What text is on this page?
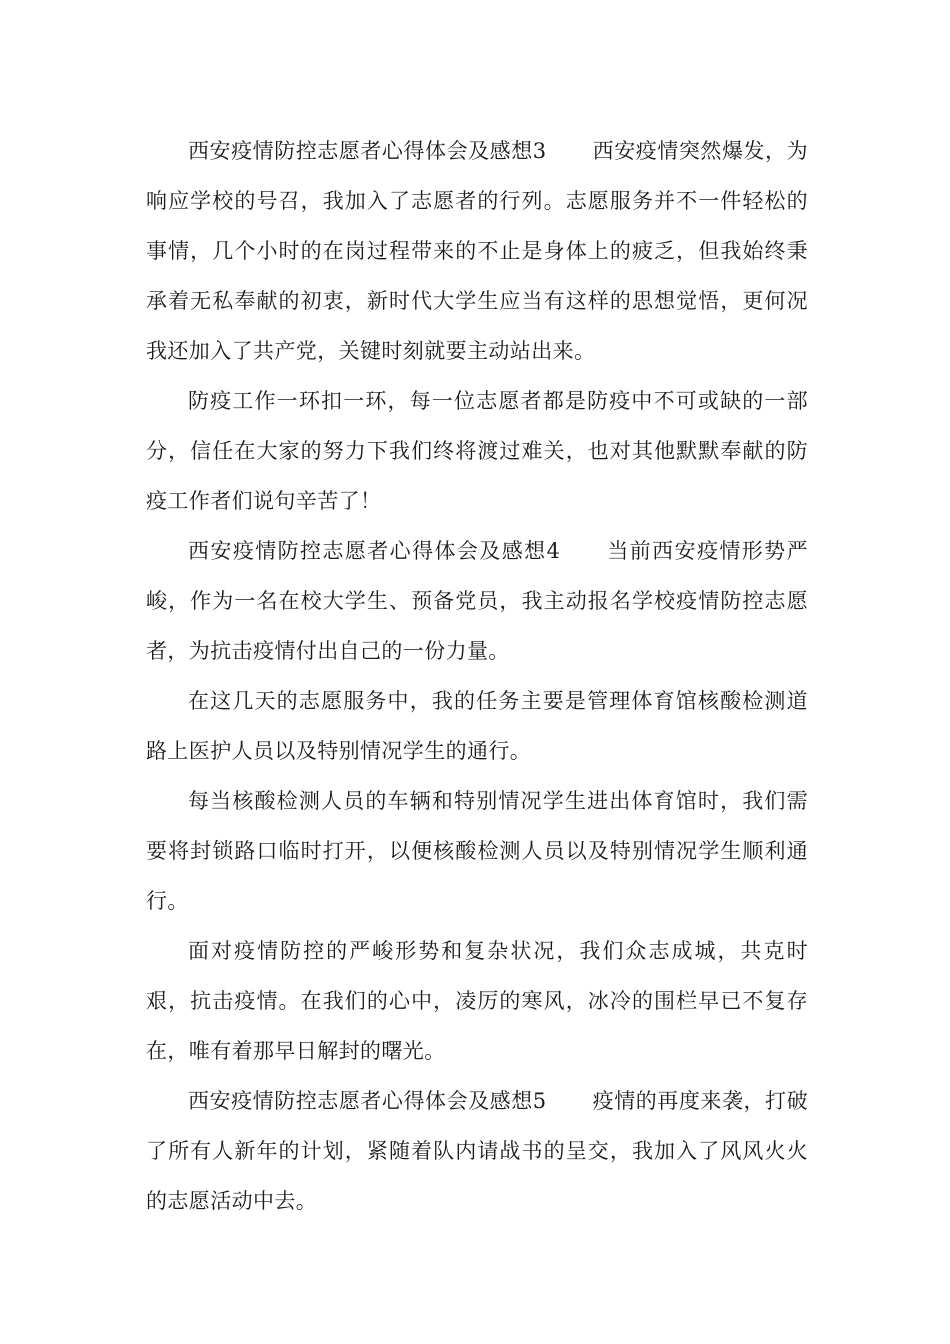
西安疫情防控志愿者心得体会及感想3 西安疫情突然爆发，为响应学校的号召，我加入了志愿者的行列。志愿服务并不一件轻松的事情，几个小时的在岗过程带来的不止是身体上的疲乏，但我始终秉承着无私奉献的初衷，新时代大学生应当有这样的思想觉悟，更何况我还加入了共产党，关键时刻就要主动站出来。

防疫工作一环扣一环，每一位志愿者都是防疫中不可或缺的一部分，信任在大家的努力下我们终将渡过难关，也对其他默默奉献的防疫工作者们说句辛苦了！

西安疫情防控志愿者心得体会及感想4 当前西安疫情形势严峻，作为一名在校大学生、预备党员，我主动报名学校疫情防控志愿者，为抗击疫情付出自己的一份力量。

在这几天的志愿服务中，我的任务主要是管理体育馆核酸检测道路上医护人员以及特别情况学生的通行。

每当核酸检测人员的车辆和特别情况学生进出体育馆时，我们需要将封锁路口临时打开，以便核酸检测人员以及特别情况学生顺利通行。

面对疫情防控的严峻形势和复杂状况，我们众志成城，共克时艰，抗击疫情。在我们的心中，凌厉的寒风，冰冷的围栏早已不复存在，唯有着那早日解封的曙光。

西安疫情防控志愿者心得体会及感想5 疫情的再度来袭，打破了所有人新年的计划，紧随着队内请战书的呈交，我加入了风风火火的志愿活动中去。
